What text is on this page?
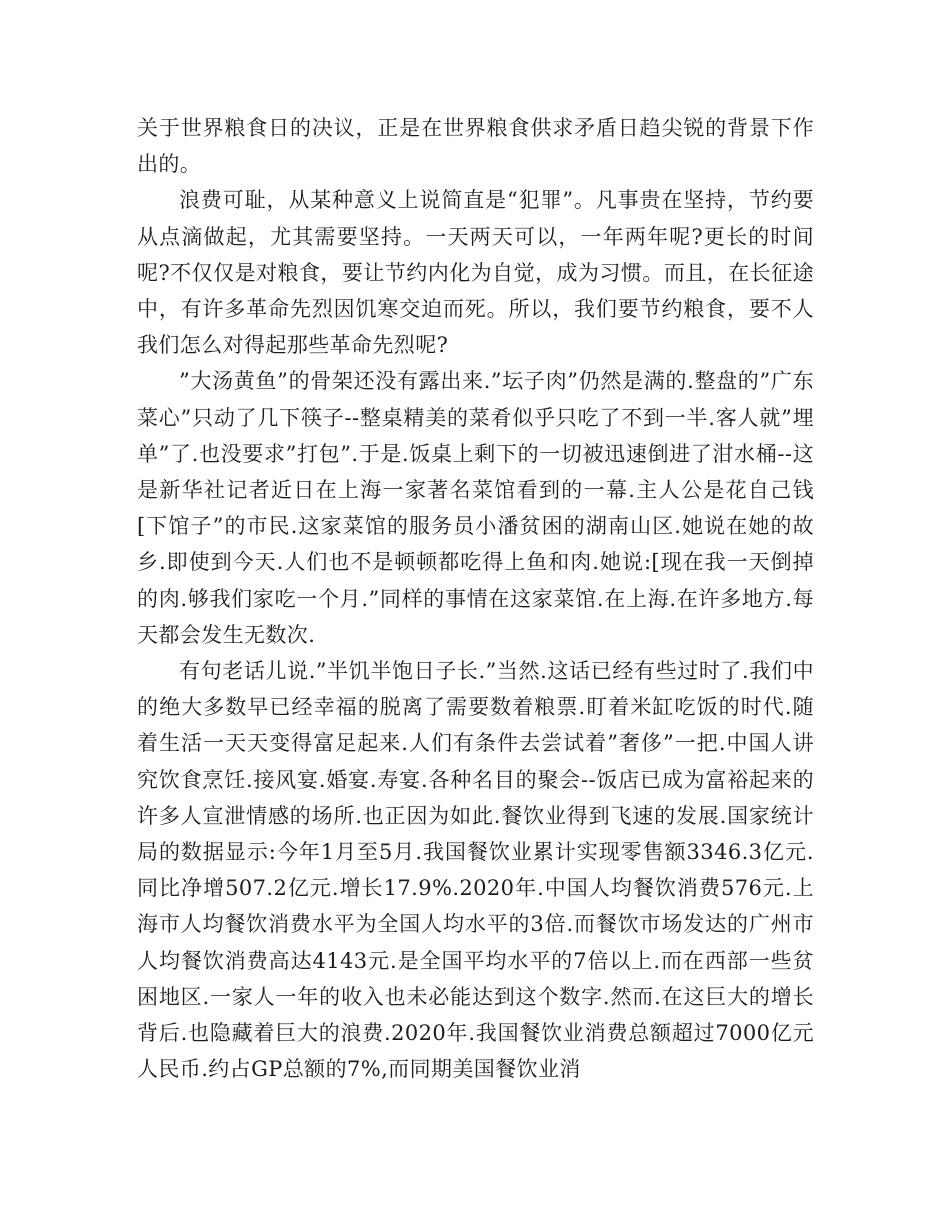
关于世界粮食日的决议，正是在世界粮食供求矛盾日趋尖锐的背景下作出的。

浪费可耻，从某种意义上说简直是“犯罪”。凡事贵在坚持，节约要从点滴做起，尤其需要坚持。一天两天可以，一年两年呢?更长的时间呢?不仅仅是对粮食，要让节约内化为自觉，成为习惯。而且，在长征途中，有许多革命先烈因饥寒交迫而死。所以，我们要节约粮食，要不人我们怎么对得起那些革命先烈呢?

”大汤黄鱼”的骨架还没有露出来.”坛子肉”仍然是满的.整盘的”广东菜心”只动了几下筷子--整桌精美的菜肴似乎只吃了不到一半.客人就”埋单”了.也没要求”打包”.于是.饭桌上剩下的一切被迅速倒进了泔水桶--这是新华社记者近日在上海一家著名菜馆看到的一幕.主人公是花自己钱[下馆子”的市民.这家菜馆的服务员小潘贫困的湖南山区.她说在她的故乡.即使到今天.人们也不是顿顿都吃得上鱼和肉.她说:[现在我一天倒掉的肉.够我们家吃一个月.”同样的事情在这家菜馆.在上海.在许多地方.每天都会发生无数次.

有句老话儿说.”半饥半饱日子长.”当然.这话已经有些过时了.我们中的绝大多数早已经幸福的脱离了需要数着粮票.盯着米缸吃饭的时代.随着生活一天天变得富足起来.人们有条件去尝试着”奢侈”一把.中国人讲究饮食烹饪.接风宴.婚宴.寿宴.各种名目的聚会--饭店已成为富裕起来的许多人宣泄情感的场所.也正因为如此.餐饮业得到飞速的发展.国家统计局的数据显示:今年1月至5月.我国餐饮业累计实现零售额3346.3亿元.同比净增507.2亿元.增长17.9%.2020年.中国人均餐饮消费576元.上海市人均餐饮消费水平为全国人均水平的3倍.而餐饮市场发达的广州市人均餐饮消费高达4143元.是全国平均水平的7倍以上.而在西部一些贫困地区.一家人一年的收入也未必能达到这个数字.然而.在这巨大的增长背后.也隐藏着巨大的浪费.2020年.我国餐饮业消费总额超过7000亿元人民币.约占GP总额的7%,而同期美国餐饮业消
